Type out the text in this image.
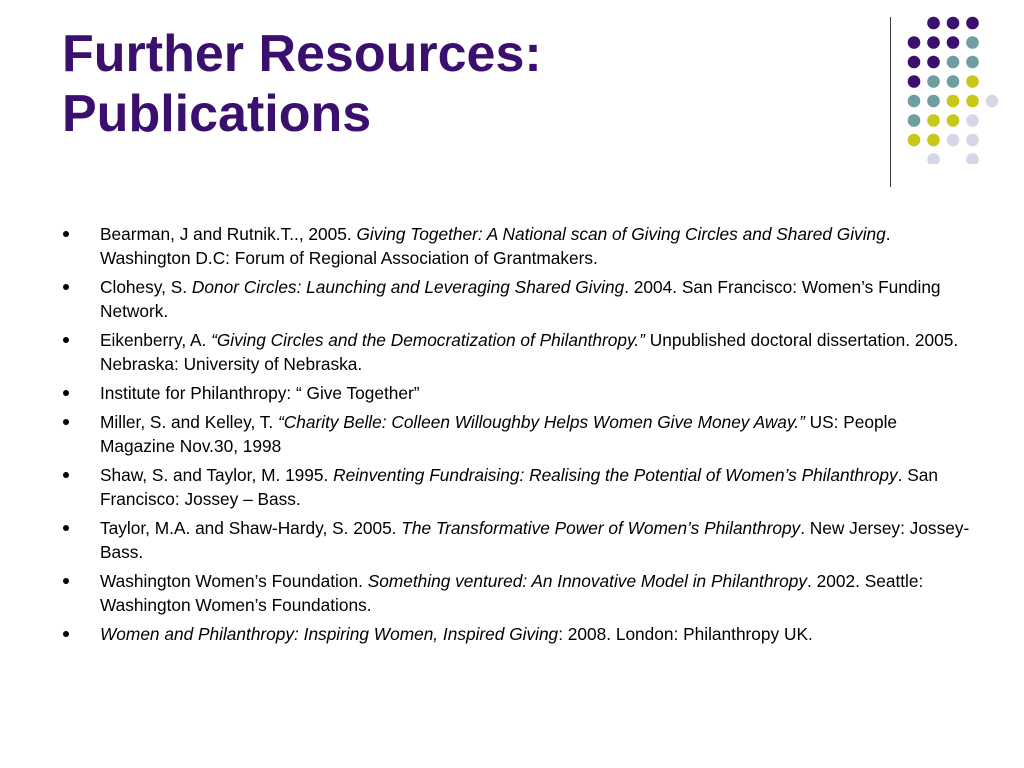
Further Resources:
Publications
Bearman, J and Rutnik.T.., 2005. Giving Together: A National scan of Giving Circles and Shared Giving. Washington D.C: Forum of Regional Association of Grantmakers.
Clohesy, S. Donor Circles: Launching and Leveraging Shared Giving. 2004. San Francisco: Women’s Funding Network.
Eikenberry, A. “Giving Circles and the Democratization of Philanthropy.” Unpublished doctoral dissertation. 2005. Nebraska: University of Nebraska.
Institute for Philanthropy: “ Give Together”
Miller, S. and Kelley, T. “Charity Belle: Colleen Willoughby Helps Women Give Money Away.” US: People Magazine Nov.30, 1998
Shaw, S. and Taylor, M. 1995. Reinventing Fundraising: Realising the Potential of Women’s Philanthropy. San Francisco: Jossey – Bass.
Taylor, M.A. and Shaw-Hardy, S. 2005. The Transformative Power of Women’s Philanthropy. New Jersey: Jossey-Bass.
Washington Women’s Foundation. Something ventured: An Innovative Model in Philanthropy. 2002. Seattle: Washington Women’s Foundations.
Women and Philanthropy: Inspiring Women, Inspired Giving: 2008. London: Philanthropy UK.
